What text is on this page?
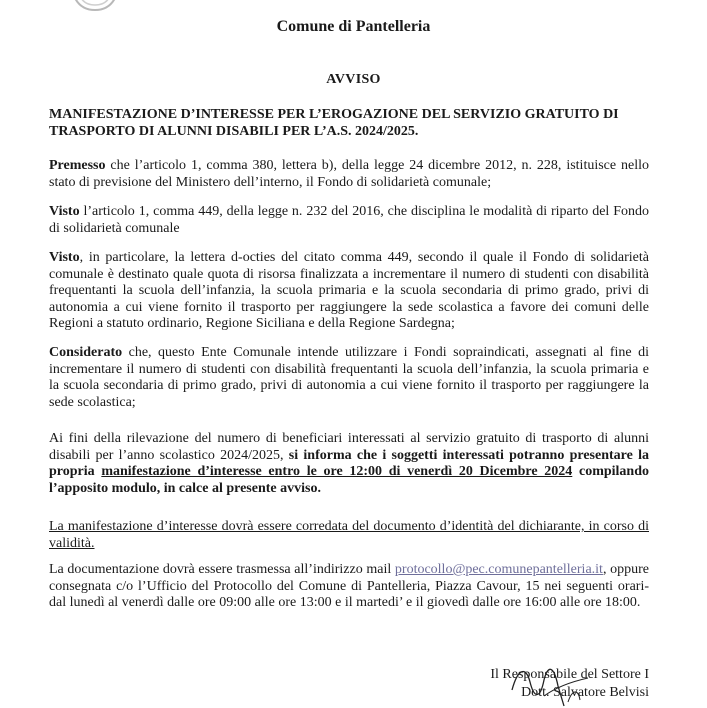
Comune di Pantelleria
AVVISO
MANIFESTAZIONE D’INTERESSE PER L’EROGAZIONE DEL SERVIZIO GRATUITO DI TRASPORTO DI ALUNNI DISABILI PER L’A.S. 2024/2025.

Premesso che l’articolo 1, comma 380, lettera b), della legge 24 dicembre 2012, n. 228, istituisce nello stato di previsione del Ministero dell’interno, il Fondo di solidarietà comunale;

Visto l’articolo 1, comma 449, della legge n. 232 del 2016, che disciplina le modalità di riparto del Fondo di solidarietà comunale

Visto, in particolare, la lettera d-octies del citato comma 449, secondo il quale il Fondo di solidarietà comunale è destinato quale quota di risorsa finalizzata a incrementare il numero di studenti con disabilità frequentanti la scuola dell’infanzia, la scuola primaria e la scuola secondaria di primo grado, privi di autonomia a cui viene fornito il trasporto per raggiungere la sede scolastica a favore dei comuni delle Regioni a statuto ordinario, Regione Siciliana e della Regione Sardegna;

Considerato che, questo Ente Comunale intende utilizzare i Fondi sopraindicati, assegnati al fine di incrementare il numero di studenti con disabilità frequentanti la scuola dell’infanzia, la scuola primaria e la scuola secondaria di primo grado, privi di autonomia a cui viene fornito il trasporto per raggiungere la sede scolastica;

Ai fini della rilevazione del numero di beneficiari interessati al servizio gratuito di trasporto di alunni disabili per l’anno scolastico 2024/2025, si informa che i soggetti interessati potranno presentare la propria manifestazione d’interesse entro le ore 12:00 di venerdì 20 Dicembre 2024 compilando l’apposito modulo, in calce al presente avviso.

La manifestazione d’interesse dovrà essere corredata del documento d’identità del dichiarante, in corso di validità.

La documentazione dovrà essere trasmessa all’indirizzo mail protocollo@pec.comunepantelleria.it, oppure consegnata c/o l’Ufficio del Protocollo del Comune di Pantelleria, Piazza Cavour, 15 nei seguenti orari- dal lunedì al venerdì dalle ore 09:00 alle ore 13:00 e il martedi’ e il giovedì dalle ore 16:00 alle ore 18:00.

Il Responsabile del Settore I
Dott. Salvatore Belvisi
